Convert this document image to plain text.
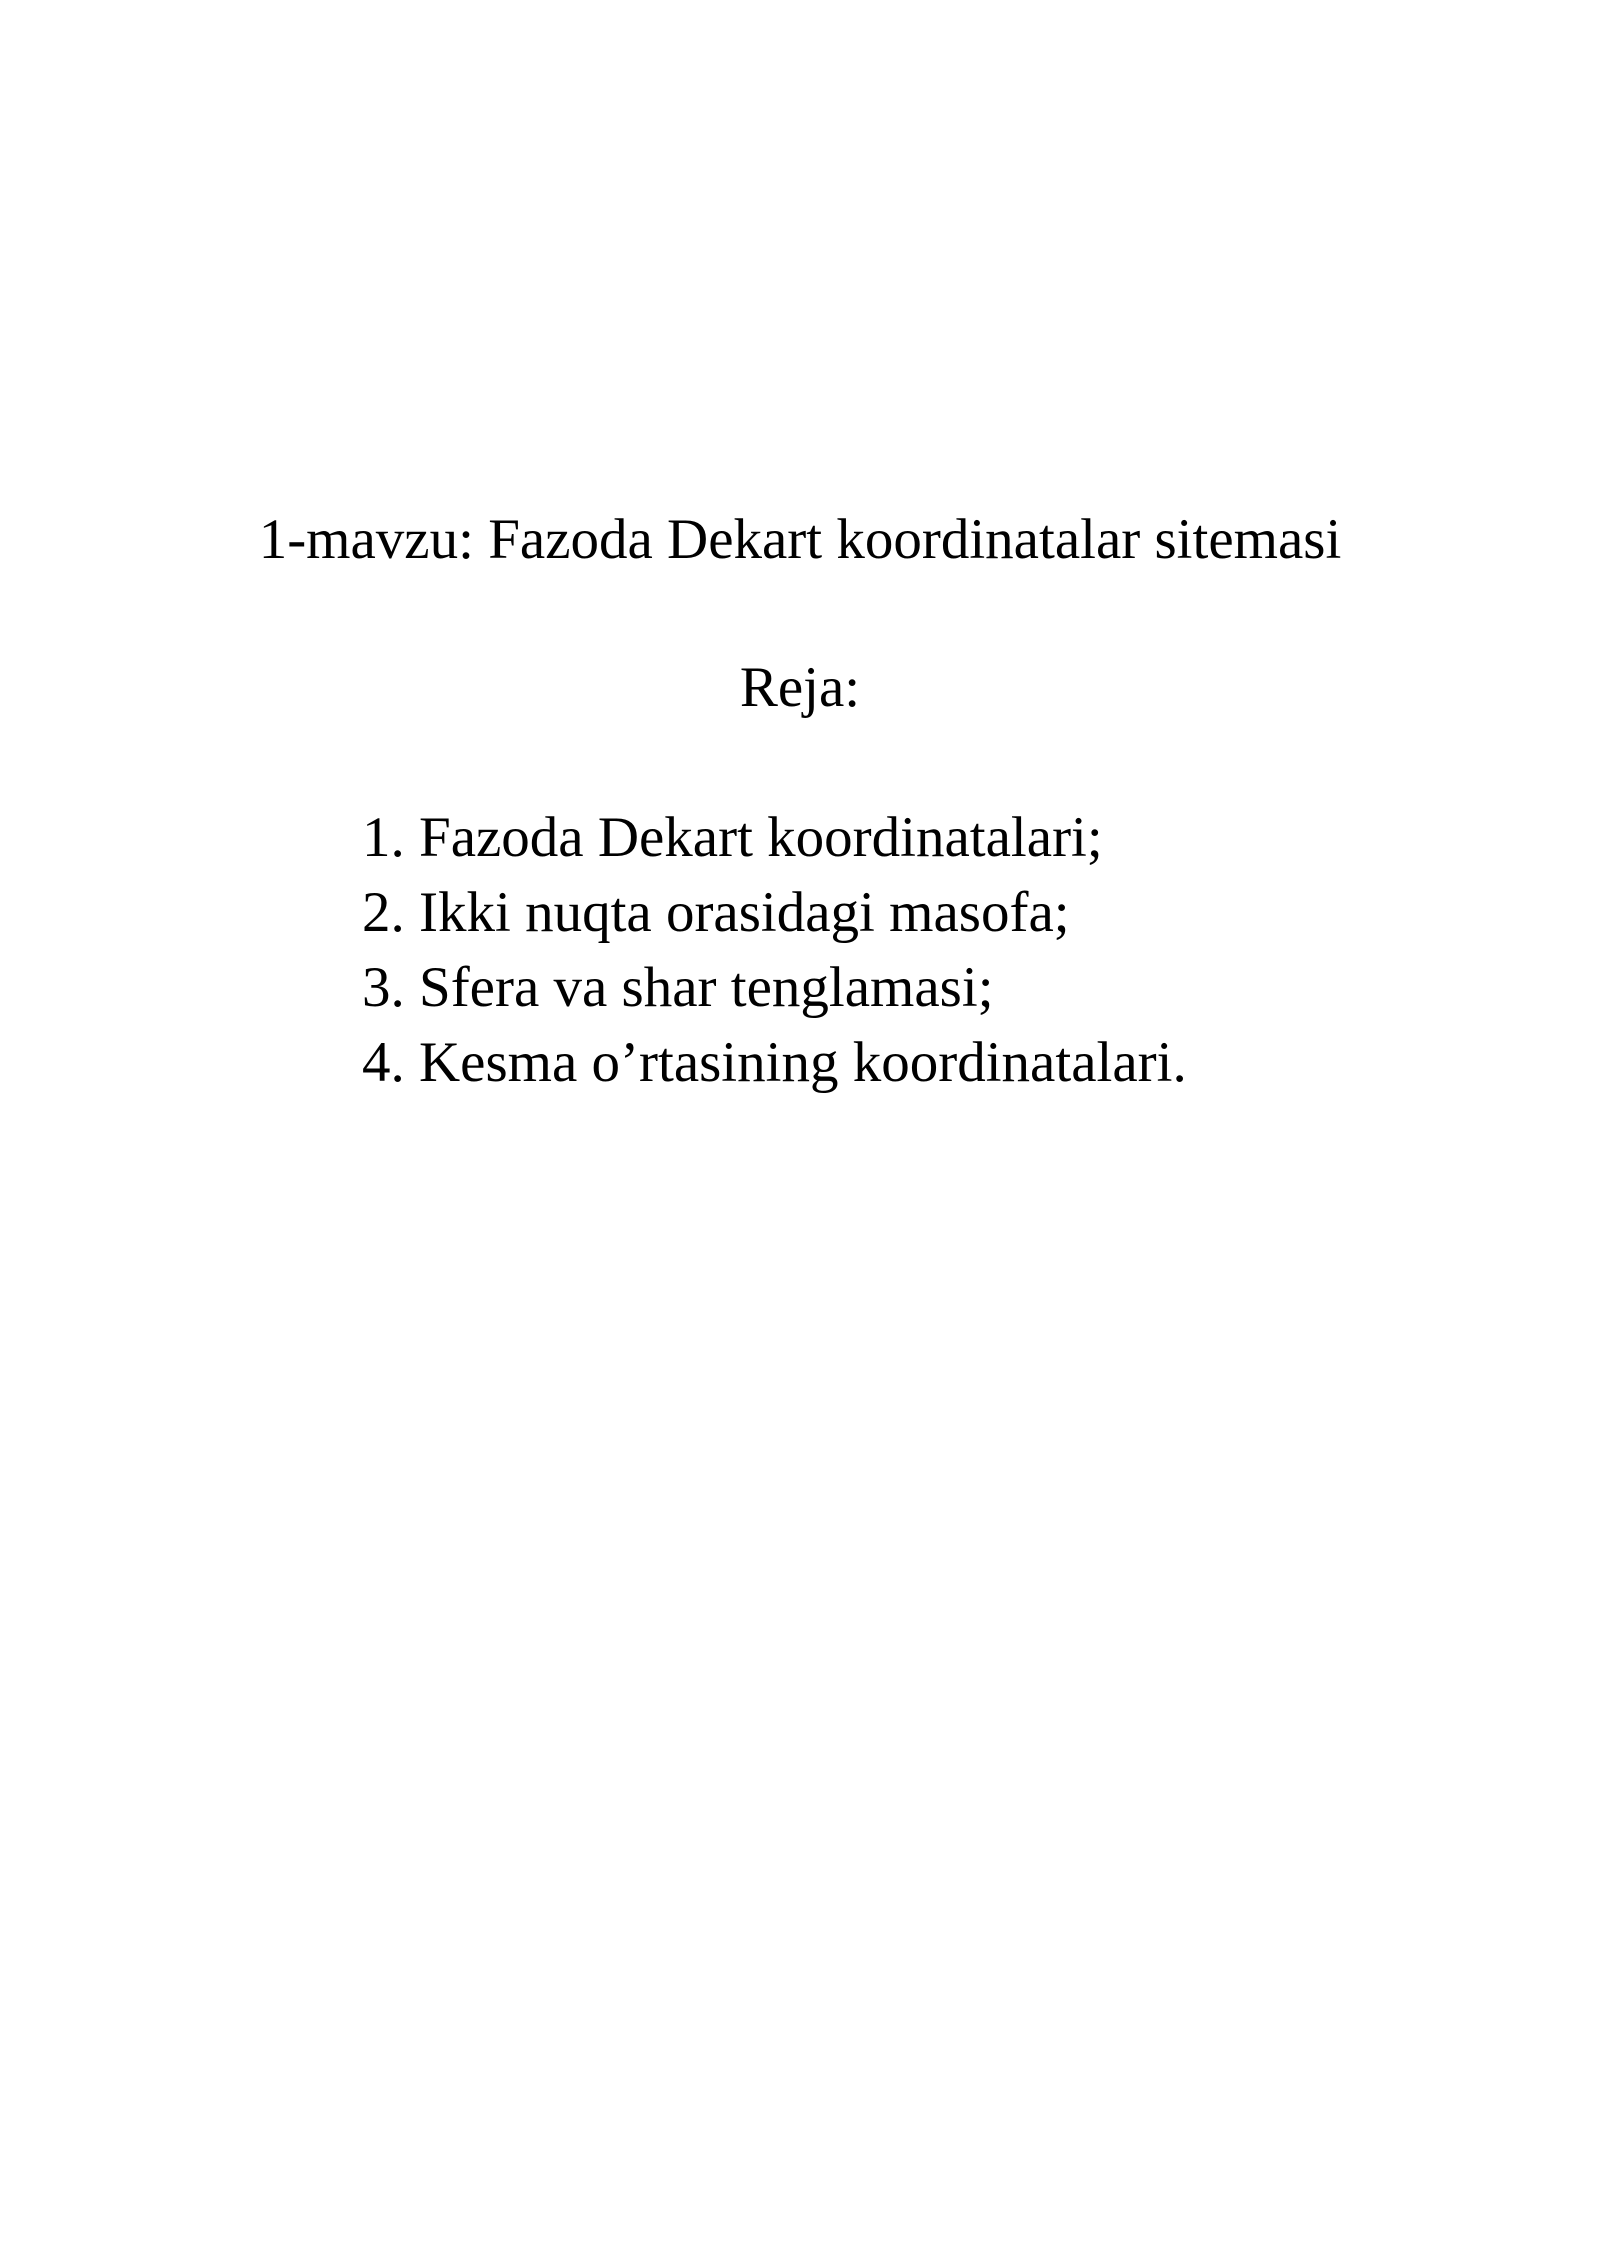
1-mavzu: Fazoda Dekart koordinatalar sitemasi
Reja:
1. Fazoda Dekart koordinatalari;
2. Ikki nuqta orasidagi masofa;
3. Sfera va shar tenglamasi;
4. Kesma o’rtasining koordinatalari.
